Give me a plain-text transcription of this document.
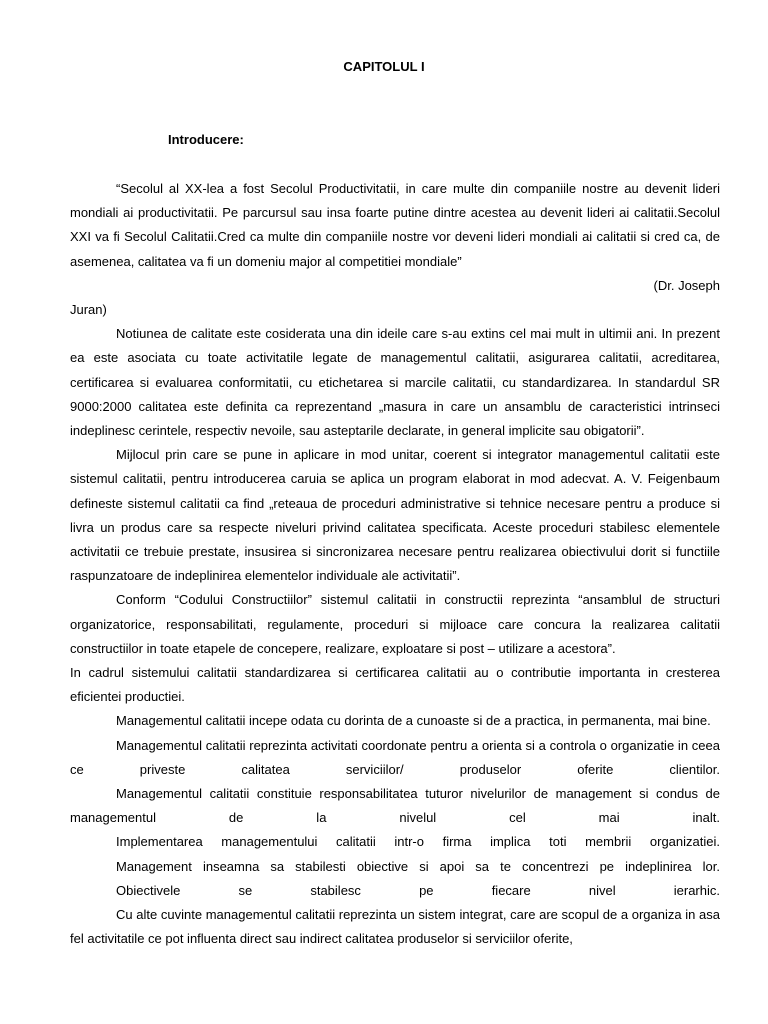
CAPITOLUL I
Introducere:

“Secolul al XX-lea a fost Secolul Productivitatii, in care multe din companiile nostre au devenit lideri mondiali ai productivitatii. Pe parcursul sau insa foarte putine dintre acestea au devenit lideri ai calitatii.Secolul XXI va fi Secolul Calitatii.Cred ca multe din companiile nostre vor deveni lideri mondiali ai calitatii si cred ca, de asemenea, calitatea va fi un domeniu major al competitiei mondiale”

(Dr. Joseph

Juran)

Notiunea de calitate este cosiderata una din ideile care s-au extins cel mai mult in ultimii ani. In prezent ea este asociata cu toate activitatile legate de managementul calitatii, asigurarea calitatii, acreditarea, certificarea si evaluarea conformitatii, cu etichetarea si marcile calitatii, cu standardizarea. In standardul SR 9000:2000 calitatea este definita ca reprezentand „masura in care un ansamblu de caracteristici intrinseci indeplinesc cerintele, respectiv nevoile, sau asteptarile declarate, in general implicite sau obigatorii”.

Mijlocul prin care se pune in aplicare in mod unitar, coerent si integrator managementul calitatii este sistemul calitatii, pentru introducerea caruia se aplica un program elaborat in mod adecvat. A. V. Feigenbaum defineste sistemul calitatii ca find „reteaua de proceduri administrative si tehnice necesare pentru a produce si livra un produs care sa respecte niveluri privind calitatea specificata. Aceste proceduri stabilesc elementele activitatii ce trebuie prestate, insusirea si sincronizarea necesare pentru realizarea obiectivului dorit si functiile raspunzatoare de indeplinirea elementelor individuale ale activitatii”.

Conform “Codului Constructiilor” sistemul calitatii in constructii reprezinta “ansamblul de structuri organizatorice, responsabilitati, regulamente, proceduri si mijloace care concura la realizarea calitatii constructiilor in toate etapele de concepere, realizare, exploatare si post – utilizare a acestora”.

In cadrul sistemului calitatii standardizarea si certificarea calitatii au o contributie importanta in cresterea eficientei productiei.

Managementul calitatii incepe odata cu dorinta de a cunoaste si de a practica, in permanenta, mai bine.

Managementul calitatii reprezinta activitati coordonate pentru a orienta si a controla o organizatie in ceea ce priveste calitatea serviciilor/ produselor oferite clientilor.

Managementul calitatii constituie responsabilitatea tuturor nivelurilor de management si condus de managementul de la nivelul cel mai inalt.

Implementarea managementului calitatii intr-o firma implica toti membrii organizatiei.

Management inseamna sa stabilesti obiective si apoi sa te concentrezi pe indeplinirea lor.

Obiectivele se stabilesc pe fiecare nivel ierarhic.

Cu alte cuvinte managementul calitatii reprezinta un sistem integrat, care are scopul de a organiza in asa fel activitatile ce pot influenta direct sau indirect calitatea produselor si serviciilor oferite,
